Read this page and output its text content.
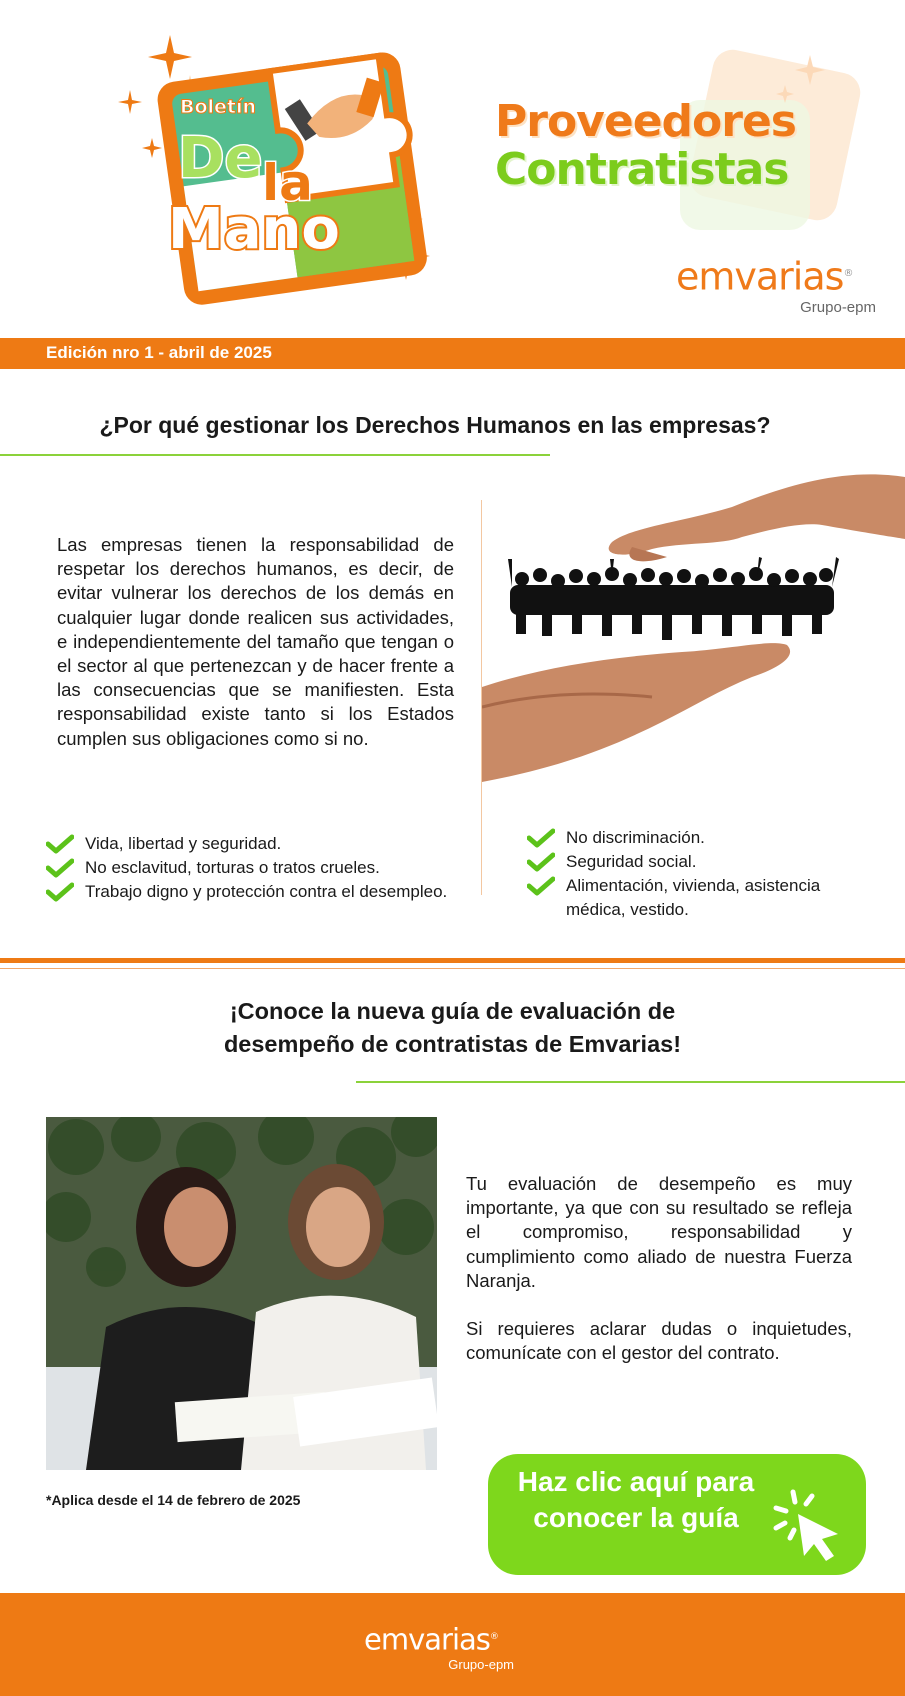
Boletín
De la
Mano
Proveedores
Contratistas
emvarias®
Grupo-epm
Edición nro 1 - abril de 2025
¿Por qué gestionar los Derechos Humanos en las empresas?
Las empresas tienen la responsabilidad de respetar los derechos humanos, es decir, de evitar vulnerar los derechos de los demás en cualquier lugar donde realicen sus actividades, e independientemente del tamaño que tengan o el sector al que pertenezcan y de hacer frente a las consecuencias que se manifiesten. Esta responsabilidad existe tanto si los Estados cumplen sus obligaciones como si no.
Vida, libertad y seguridad.
No esclavitud, torturas o tratos crueles.
Trabajo digno y protección contra el desempleo.
No discriminación.
Seguridad social.
Alimentación, vivienda, asistencia médica, vestido.
¡Conoce la nueva guía de evaluación de
desempeño de contratistas de Emvarias!
*Aplica desde el 14 de febrero de 2025

Tu evaluación de desempeño es muy importante, ya que con su resultado se refleja el compromiso, responsabilidad y cumplimiento como aliado de nuestra Fuerza Naranja.

Si requieres aclarar dudas o inquietudes, comunícate con el gestor del contrato.

Haz clic aquí para
conocer la guía
emvarias®
Grupo-epm
